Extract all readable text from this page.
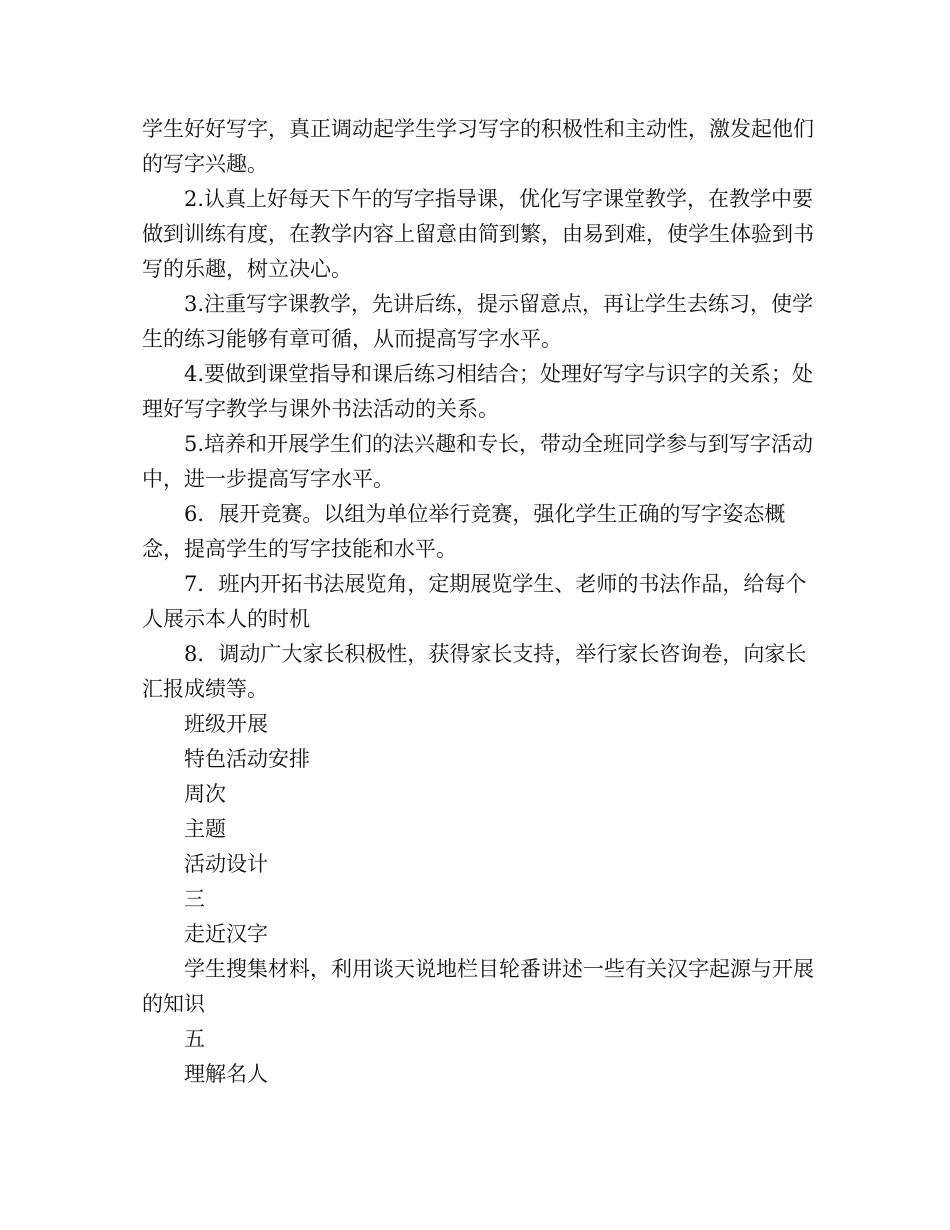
学生好好写字，真正调动起学生学习写字的积极性和主动性，激发起他们的写字兴趣。

2.认真上好每天下午的写字指导课，优化写字课堂教学，在教学中要做到训练有度，在教学内容上留意由简到繁，由易到难，使学生体验到书写的乐趣，树立决心。

3.注重写字课教学，先讲后练，提示留意点，再让学生去练习，使学生的练习能够有章可循，从而提高写字水平。

4.要做到课堂指导和课后练习相结合；处理好写字与识字的关系；处理好写字教学与课外书法活动的关系。

5.培养和开展学生们的法兴趣和专长，带动全班同学参与到写字活动中，进一步提高写字水平。

6．展开竞赛。以组为单位举行竞赛，强化学生正确的写字姿态概念，提高学生的写字技能和水平。

7．班内开拓书法展览角，定期展览学生、老师的书法作品，给每个人展示本人的时机

8．调动广大家长积极性，获得家长支持，举行家长咨询卷，向家长汇报成绩等。

班级开展

特色活动安排

周次

主题

活动设计

三

走近汉字

学生搜集材料，利用谈天说地栏目轮番讲述一些有关汉字起源与开展的知识

五

理解名人
